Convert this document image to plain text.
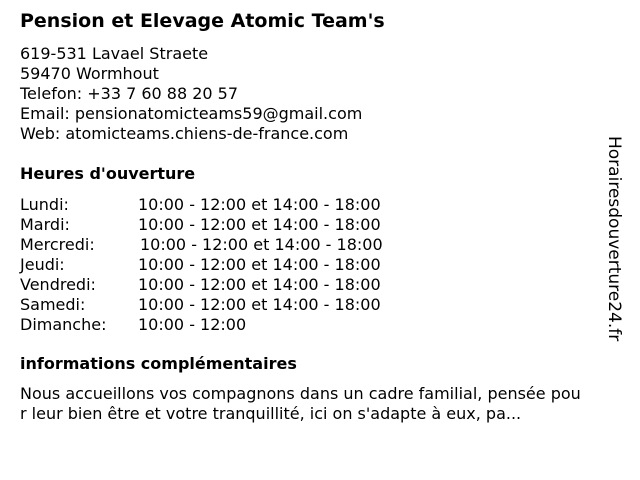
Pension et Elevage Atomic Team's
619-531 Lavael Straete
59470 Wormhout
Telefon: +33 7 60 88 20 57
Email: pensionatomicteams59@gmail.com
Web: atomicteams.chiens-de-france.com
Heures d'ouverture
Lundi:	10:00 - 12:00 et 14:00 - 18:00
Mardi:	10:00 - 12:00 et 14:00 - 18:00
Mercredi:	10:00 - 12:00 et 14:00 - 18:00
Jeudi:	10:00 - 12:00 et 14:00 - 18:00
Vendredi:	10:00 - 12:00 et 14:00 - 18:00
Samedi:	10:00 - 12:00 et 14:00 - 18:00
Dimanche: 10:00 - 12:00
informations complémentaires
Nous accueillons vos compagnons dans un cadre familial, pensée pou
r leur bien être et votre tranquillité, ici on s'adapte à eux, pa...
Horairesdouverture24.fr
